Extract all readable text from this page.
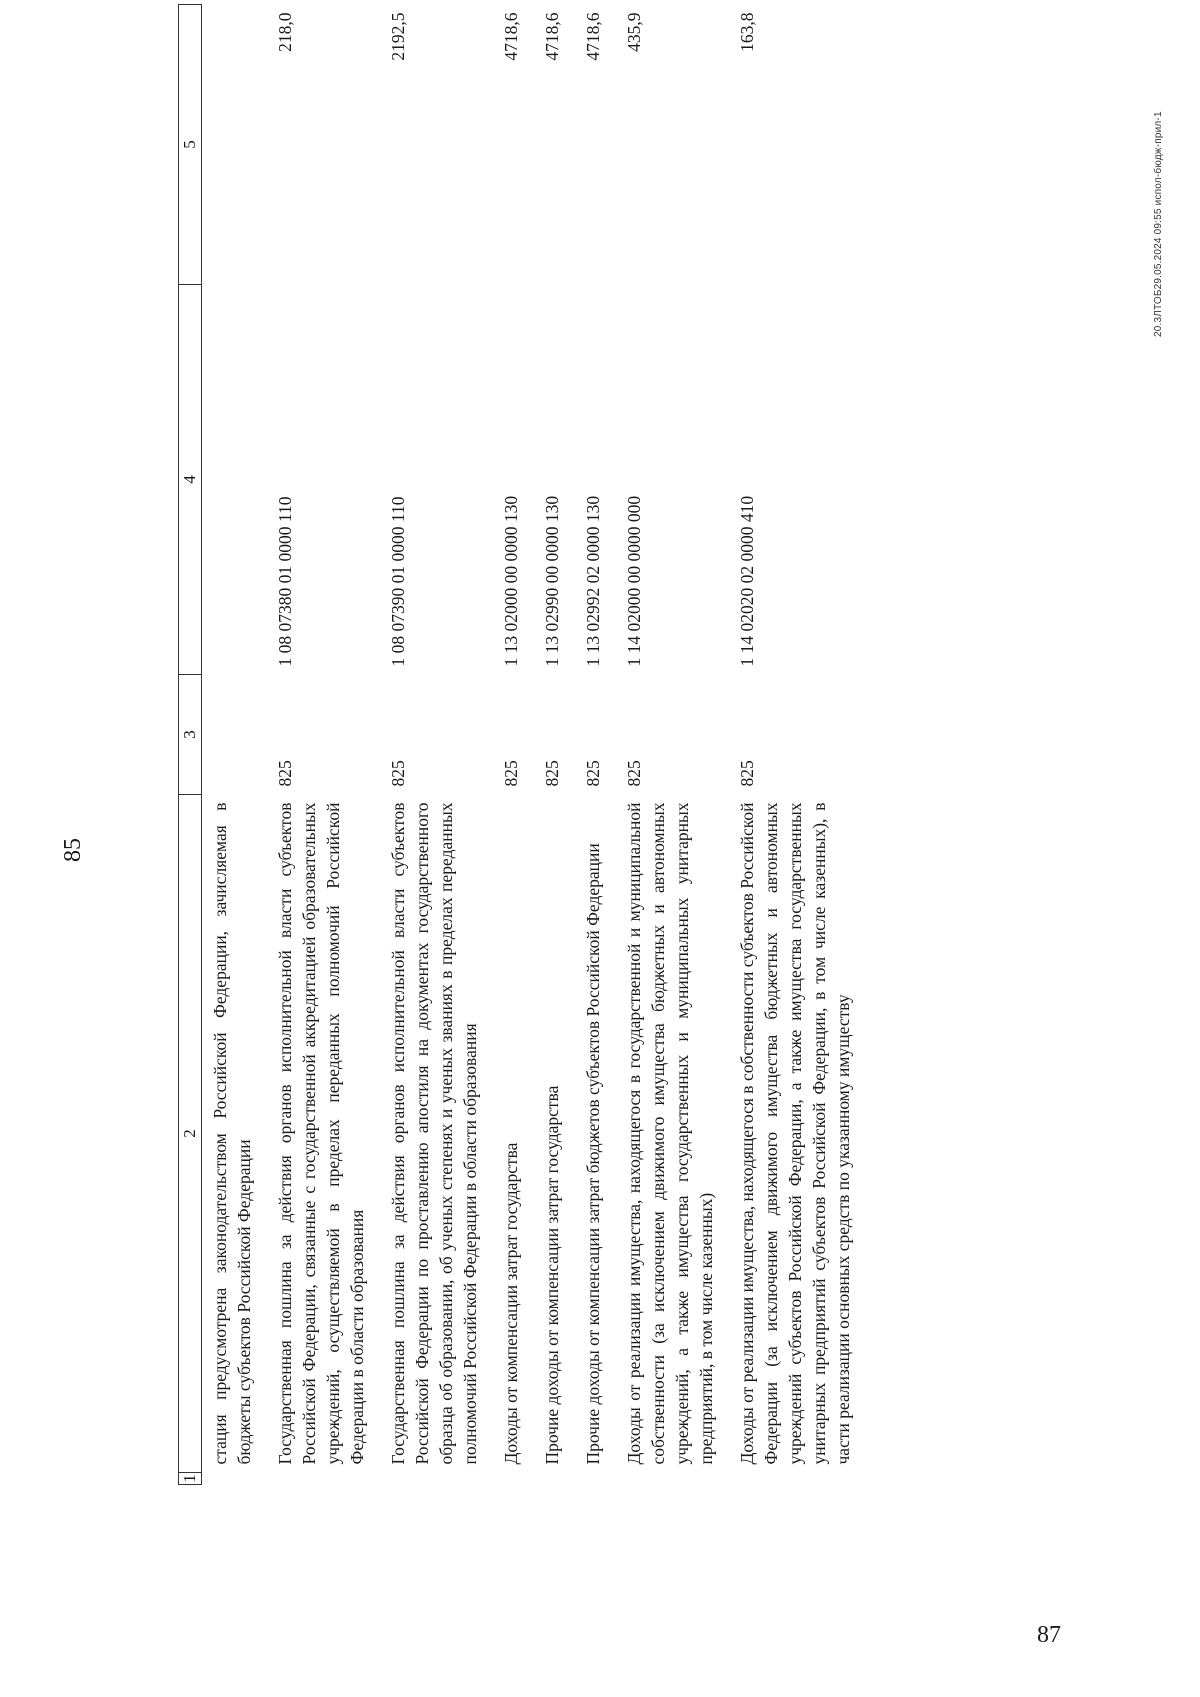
85
1	2	3	4	5
	стация предусмотрена законодательством Российской Федерации, зачисляемая в бюджеты субъектов Российской Федерации			
	Государственная пошлина за действия органов исполнительной власти субъектов Российской Федерации, связанные с государственной аккредитацией образовательных учреждений, осуществляемой в пределах переданных полномочий Российской Федерации в области образования	825	1 08 07380 01 0000 110	218,0
	Государственная пошлина за действия органов исполнительной власти субъектов Российской Федерации по проставлению апостиля на документах государственного образца об образовании, об ученых степенях и ученых званиях в пределах переданных полномочий Российской Федерации в области образования	825	1 08 07390 01 0000 110	2192,5
	Доходы от компенсации затрат государства	825	1 13 02000 00 0000 130	4718,6
	Прочие доходы от компенсации затрат государства	825	1 13 02990 00 0000 130	4718,6
	Прочие доходы от компенсации затрат бюджетов субъектов Российской Федерации	825	1 13 02992 02 0000 130	4718,6
	Доходы от реализации имущества, находящегося в государственной и муниципальной собственности (за исключением движимого имущества бюджетных и автономных учреждений, а также имущества государственных и муниципальных унитарных предприятий, в том числе казенных)	825	1 14 02000 00 0000 000	435,9
	Доходы от реализации имущества, находящегося в собственности субъектов Российской Федерации (за исключением движимого имущества бюджетных и автономных учреждений субъектов Российской Федерации, а также имущества государственных унитарных предприятий субъектов Российской Федерации, в том числе казенных), в части реализации основных средств по указанному имуществу	825	1 14 02020 02 0000 410	163,8
20.3ЛТОБ29.05.2024 09:55 испол-бюдж-прил-1
87
